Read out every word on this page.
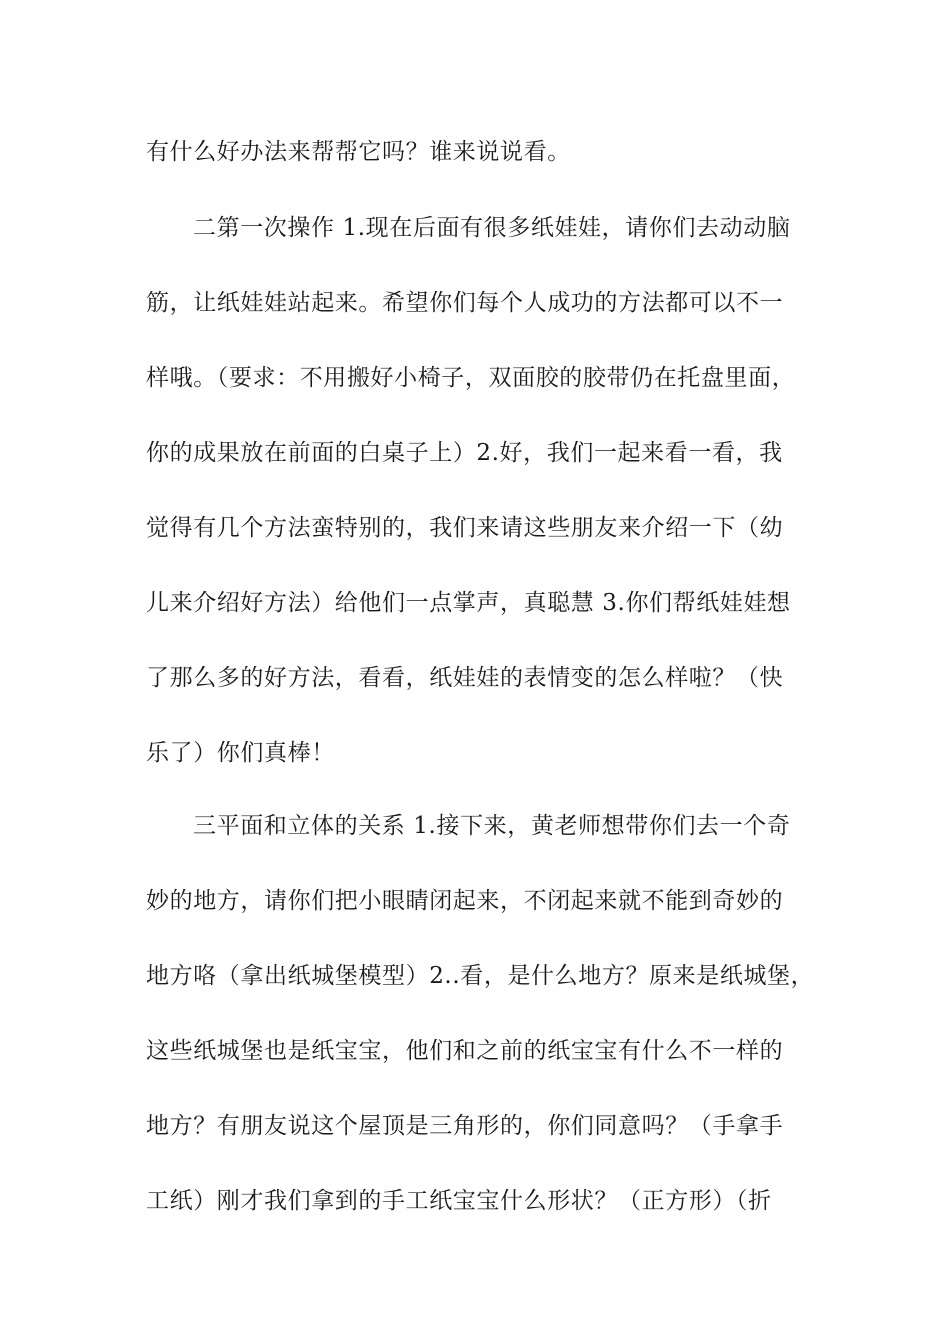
有什么好办法来帮帮它吗？谁来说说看。
二第一次操作 1.现在后面有很多纸娃娃，请你们去动动脑
筋，让纸娃娃站起来。希望你们每个人成功的方法都可以不一
样哦。（要求：不用搬好小椅子，双面胶的胶带仍在托盘里面，
你的成果放在前面的白桌子上）2.好，我们一起来看一看，我
觉得有几个方法蛮特别的，我们来请这些朋友来介绍一下（幼
儿来介绍好方法）给他们一点掌声，真聪慧 3.你们帮纸娃娃想
了那么多的好方法，看看，纸娃娃的表情变的怎么样啦？（快
乐了）你们真棒！
三平面和立体的关系 1.接下来，黄老师想带你们去一个奇
妙的地方，请你们把小眼睛闭起来，不闭起来就不能到奇妙的
地方咯（拿出纸城堡模型）2..看，是什么地方？原来是纸城堡，
这些纸城堡也是纸宝宝，他们和之前的纸宝宝有什么不一样的
地方？有朋友说这个屋顶是三角形的，你们同意吗？（手拿手
工纸）刚才我们拿到的手工纸宝宝什么形状？（正方形）（折
